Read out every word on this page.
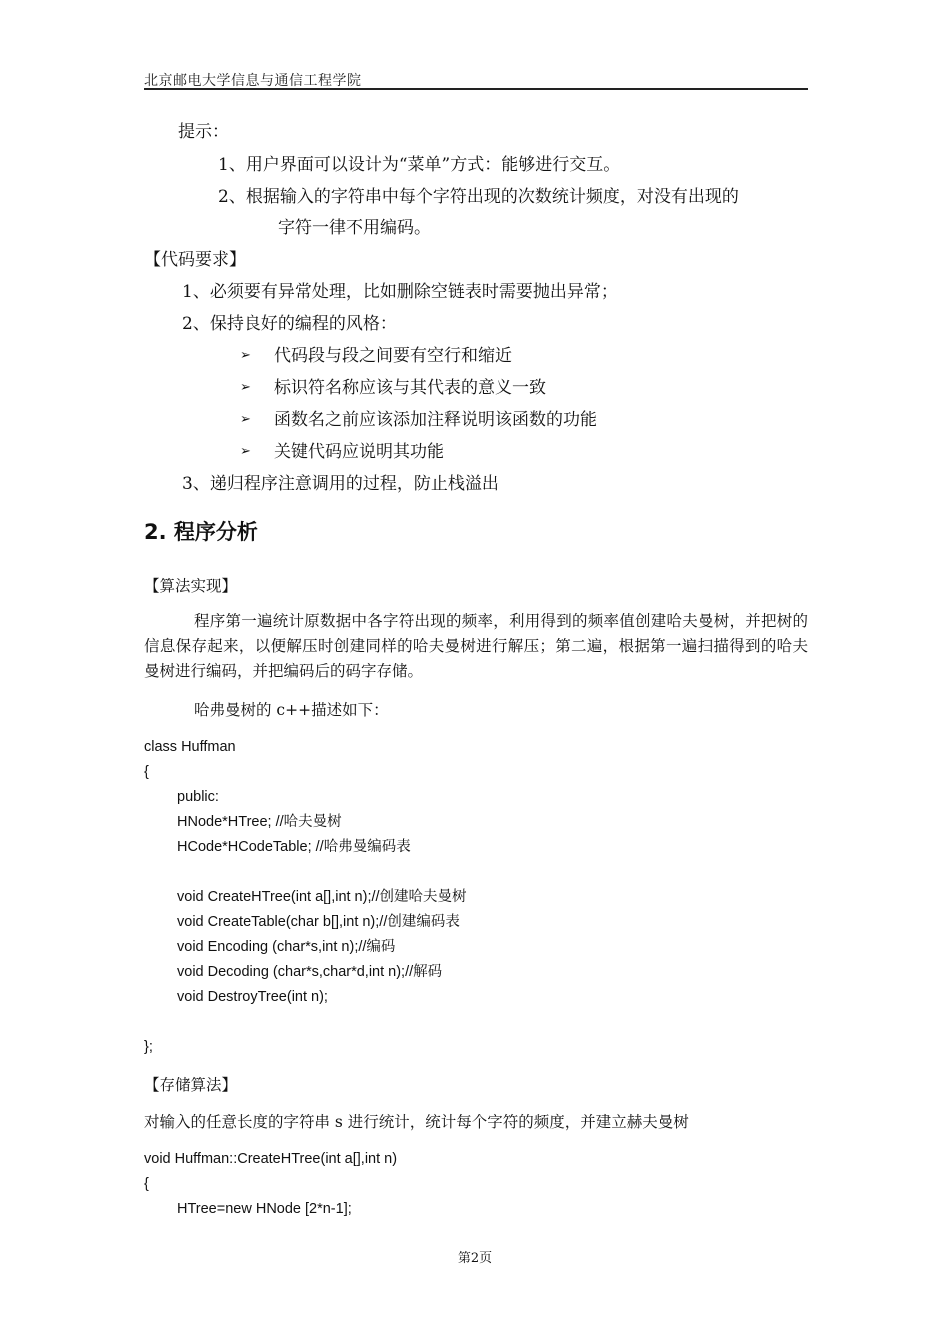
北京邮电大学信息与通信工程学院
提示：
1、用户界面可以设计为“菜单”方式：能够进行交互。
2、根据输入的字符串中每个字符出现的次数统计频度，对没有出现的
字符一律不用编码。
【代码要求】
1、必须要有异常处理，比如删除空链表时需要抛出异常；
2、保持良好的编程的风格：
➢ 代码段与段之间要有空行和缩近
➢ 标识符名称应该与其代表的意义一致
➢ 函数名之前应该添加注释说明该函数的功能
➢ 关键代码应说明其功能
3、递归程序注意调用的过程，防止栈溢出
2. 程序分析
【算法实现】
程序第一遍统计原数据中各字符出现的频率，利用得到的频率值创建哈夫曼树，并把树的信息保存起来，以便解压时创建同样的哈夫曼树进行解压；第二遍，根据第一遍扫描得到的哈夫曼树进行编码，并把编码后的码字存储。
哈弗曼树的 c++描述如下：
class Huffman
{
public:
HNode*HTree; //哈夫曼树
HCode*HCodeTable; //哈弗曼编码表
void CreateHTree(int a[],int n);//创建哈夫曼树
void CreateTable(char b[],int n);//创建编码表
void Encoding (char*s,int n);//编码
void Decoding (char*s,char*d,int n);//解码
void DestroyTree(int n);
};
【存储算法】
对输入的任意长度的字符串 s 进行统计，统计每个字符的频度，并建立赫夫曼树
void Huffman::CreateHTree(int a[],int n)
{
HTree=new HNode [2*n-1];
第2页
